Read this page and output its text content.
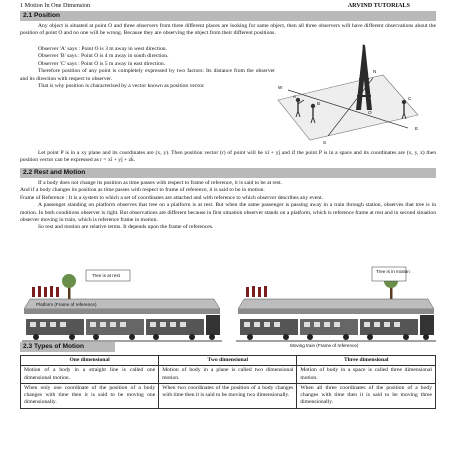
1 Motion In One Dimension	ARVIND TUTORIALS
2.1 Position

Any object is situated at point O and three observers from three different places are looking for same object, then all three observers will have different observations about the position of point O and no one will be wrong. Because they are observing the object from their different positions.

Observer 'A' says : Point O is 3 m away in west direction.

Observer 'B' says : Point O is 4 m away in south direction.

Observer 'C' says : Point O is 5 m away in east direction.

Therefore position of any point is completely expressed by two factors: Its distance from the observer and its direction with respect to observer.

That is why position is characterised by a vector known as position vector.	W
N
E
S
O
A
B
C

Let point P is in a xy plane and its coordinates are (x, y). Then position vector (r) of point will be xî + yĵ and if the point P is in a space and its coordinates are (x, y, z) then position vector can be expressed as r = xî + yĵ + zk̂.

2.2 Rest and Motion

If a body does not change its position as time passes with respect to frame of reference, it is said to be at rest.

And if a body changes its position as time passes with respect to frame of reference, it is said to be in motion.

Frame of Reference : It is a system to which a set of coordinates are attached and with reference to which observer describes any event.

A passenger standing on platform observes that tree on a platform is at rest. But when the same passenger is passing away in a train through station, observes that tree is in motion. In both conditions observer is right. But observations are different because in first situation observer stands on a platform, which is reference frame at rest and in second situation observer moving in train, which is reference frame in motion.

So rest and motion are relative terms. It depends upon the frame of references.

Tree is at rest
Platform (Frame of reference)
Tree is in motion
Moving train (Frame of reference)
2.3 Types of Motion
One dimensional	Two dimensional	Three dimensional
Motion of a body in a straight line is called one dimensional motion.	Motion of body in a plane is called two dimensional motion.	Motion of body in a space is called three dimensional motion.
When only one coordinate of the position of a body changes with time then it is said to be moving one dimensionally.	When two coordinates of the position of a body changes with time then it is said to be moving two dimensionally.	When all three coordinates of the position of a body changes with time then it is said to be moving three dimensionally.
